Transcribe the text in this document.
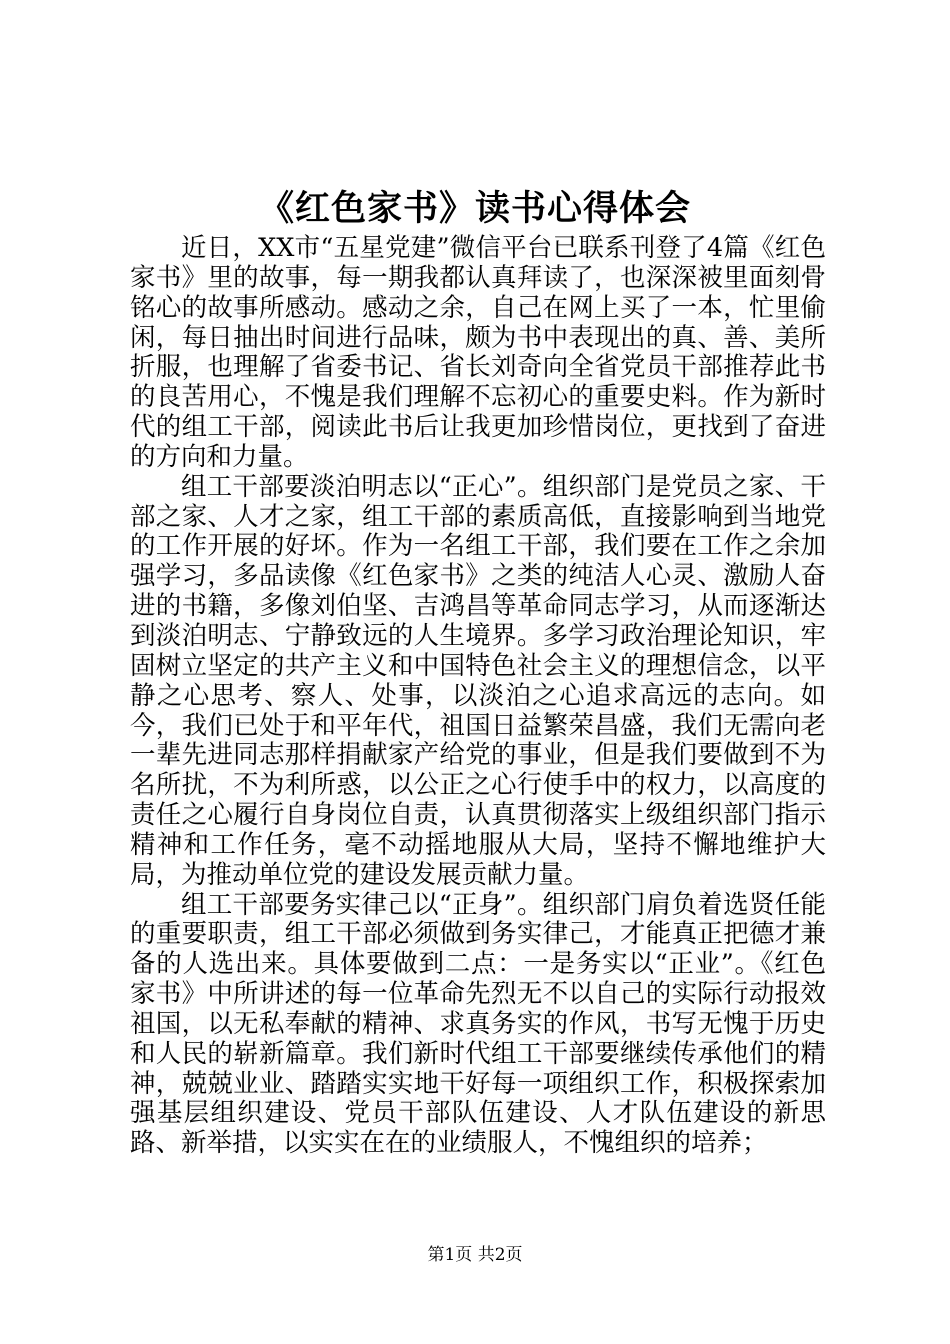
《红色家书》读书心得体会

近日，XX市“五星党建”微信平台已联系刊登了4篇《红色家书》里的故事，每一期我都认真拜读了，也深深被里面刻骨铭心的故事所感动。感动之余，自己在网上买了一本，忙里偷闲，每日抽出时间进行品味，颇为书中表现出的真、善、美所折服，也理解了省委书记、省长刘奇向全省党员干部推荐此书的良苦用心，不愧是我们理解不忘初心的重要史料。作为新时代的组工干部，阅读此书后让我更加珍惜岗位，更找到了奋进的方向和力量。

组工干部要淡泊明志以“正心”。组织部门是党员之家、干部之家、人才之家，组工干部的素质高低，直接影响到当地党的工作开展的好坏。作为一名组工干部，我们要在工作之余加强学习，多品读像《红色家书》之类的纯洁人心灵、激励人奋进的书籍，多像刘伯坚、吉鸿昌等革命同志学习，从而逐渐达到淡泊明志、宁静致远的人生境界。多学习政治理论知识，牢固树立坚定的共产主义和中国特色社会主义的理想信念，以平静之心思考、察人、处事，以淡泊之心追求高远的志向。如今，我们已处于和平年代，祖国日益繁荣昌盛，我们无需向老一辈先进同志那样捐献家产给党的事业，但是我们要做到不为名所扰，不为利所惑，以公正之心行使手中的权力，以高度的责任之心履行自身岗位自责，认真贯彻落实上级组织部门指示精神和工作任务，毫不动摇地服从大局，坚持不懈地维护大局，为推动单位党的建设发展贡献力量。

组工干部要务实律己以“正身”。组织部门肩负着选贤任能的重要职责，组工干部必须做到务实律己，才能真正把德才兼备的人选出来。具体要做到二点：一是务实以“正业”。《红色家书》中所讲述的每一位革命先烈无不以自己的实际行动报效祖国，以无私奉献的精神、求真务实的作风，书写无愧于历史和人民的崭新篇章。我们新时代组工干部要继续传承他们的精神，兢兢业业、踏踏实实地干好每一项组织工作，积极探索加强基层组织建设、党员干部队伍建设、人才队伍建设的新思路、新举措，以实实在在的业绩服人，不愧组织的培养；

第1页 共2页
